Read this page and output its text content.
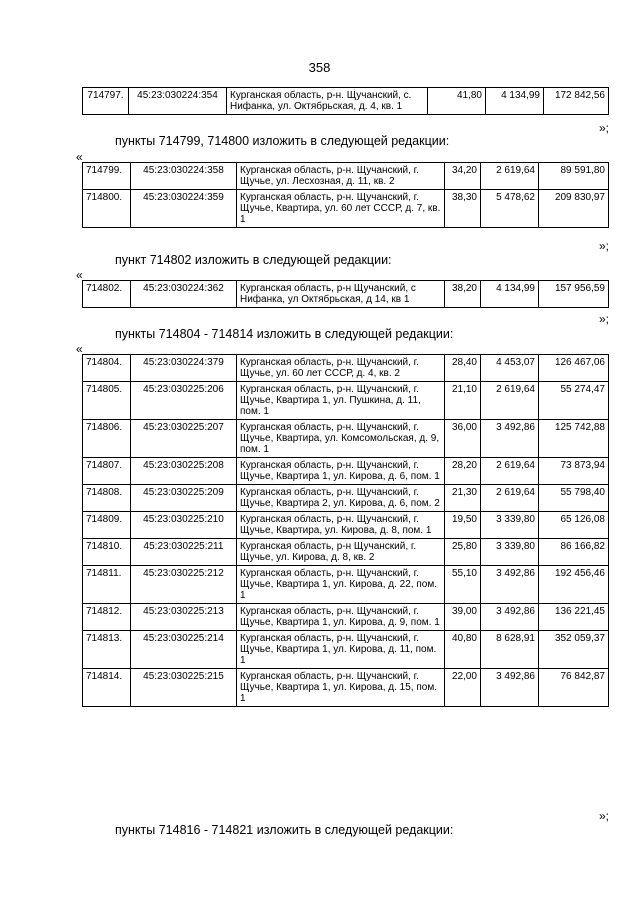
358
714797.	45:23:030224:354	Курганская область, р-н. Щучанский, с. Нифанка, ул. Октябрьская, д. 4, кв. 1	41,80	4 134,99	172 842,56
»;
пункты 714799, 714800 изложить в следующей редакции:
«
714799.	45:23:030224:358	Курганская область, р-н. Щучанский, г. Щучье, ул. Лесхозная, д. 11, кв. 2	34,20	2 619,64	89 591,80
714800.	45:23:030224:359	Курганская область, р-н. Щучанский, г. Щучье, Квартира, ул. 60 лет СССР, д. 7, кв. 1	38,30	5 478,62	209 830,97
»;
пункт 714802 изложить в следующей редакции:
«
714802.	45:23:030224:362	Курганская область, р-н Щучанский, с Нифанка, ул Октябрьская, д 14, кв 1	38,20	4 134,99	157 956,59
»;
пункты 714804 - 714814 изложить в следующей редакции:
«
714804.	45:23:030224:379	Курганская область, р-н. Щучанский, г. Щучье, ул. 60 лет СССР, д. 4, кв. 2	28,40	4 453,07	126 467,06
714805.	45:23:030225:206	Курганская область, р-н. Щучанский, г. Щучье, Квартира 1, ул. Пушкина, д. 11, пом. 1	21,10	2 619,64	55 274,47
714806.	45:23:030225:207	Курганская область, р-н. Щучанский, г. Щучье, Квартира, ул. Комсомольская, д. 9, пом. 1	36,00	3 492,86	125 742,88
714807.	45:23:030225:208	Курганская область, р-н. Щучанский, г. Щучье, Квартира 1, ул. Кирова, д. 6, пом. 1	28,20	2 619,64	73 873,94
714808.	45:23:030225:209	Курганская область, р-н. Щучанский, г. Щучье, Квартира 2, ул. Кирова, д. 6, пом. 2	21,30	2 619,64	55 798,40
714809.	45:23:030225:210	Курганская область, р-н. Щучанский, г. Щучье, Квартира, ул. Кирова, д. 8, пом. 1	19,50	3 339,80	65 126,08
714810.	45:23:030225:211	Курганская область, р-н Щучанский, г. Щучье, ул. Кирова, д. 8, кв. 2	25,80	3 339,80	86 166,82
714811.	45:23:030225:212	Курганская область, р-н. Щучанский, г. Щучье, Квартира 1, ул. Кирова, д. 22, пом. 1	55,10	3 492,86	192 456,46
714812.	45:23:030225:213	Курганская область, р-н. Щучанский, г. Щучье, Квартира 1, ул. Кирова, д. 9, пом. 1	39,00	3 492,86	136 221,45
714813.	45:23:030225:214	Курганская область, р-н. Щучанский, г. Щучье, Квартира 1, ул. Кирова, д. 11, пом. 1	40,80	8 628,91	352 059,37
714814.	45:23:030225:215	Курганская область, р-н. Щучанский, г. Щучье, Квартира 1, ул. Кирова, д. 15, пом. 1	22,00	3 492,86	76 842,87
»;
пункты 714816 - 714821 изложить в следующей редакции:
